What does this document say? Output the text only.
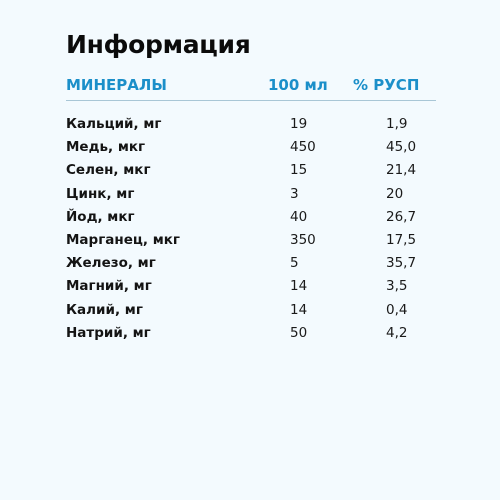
Информация
МИНЕРАЛЫ	100 мл % РУСП
Кальций, мг	19	1,9
Медь, мкг	450	45,0
Селен, мкг	15	21,4
Цинк, мг	3	20
Йод, мкг	40	26,7
Марганец, мкг	350	17,5
Железо, мг	5	35,7
Магний, мг	14	3,5
Калий, мг	14	0,4
Натрий, мг	50	4,2
